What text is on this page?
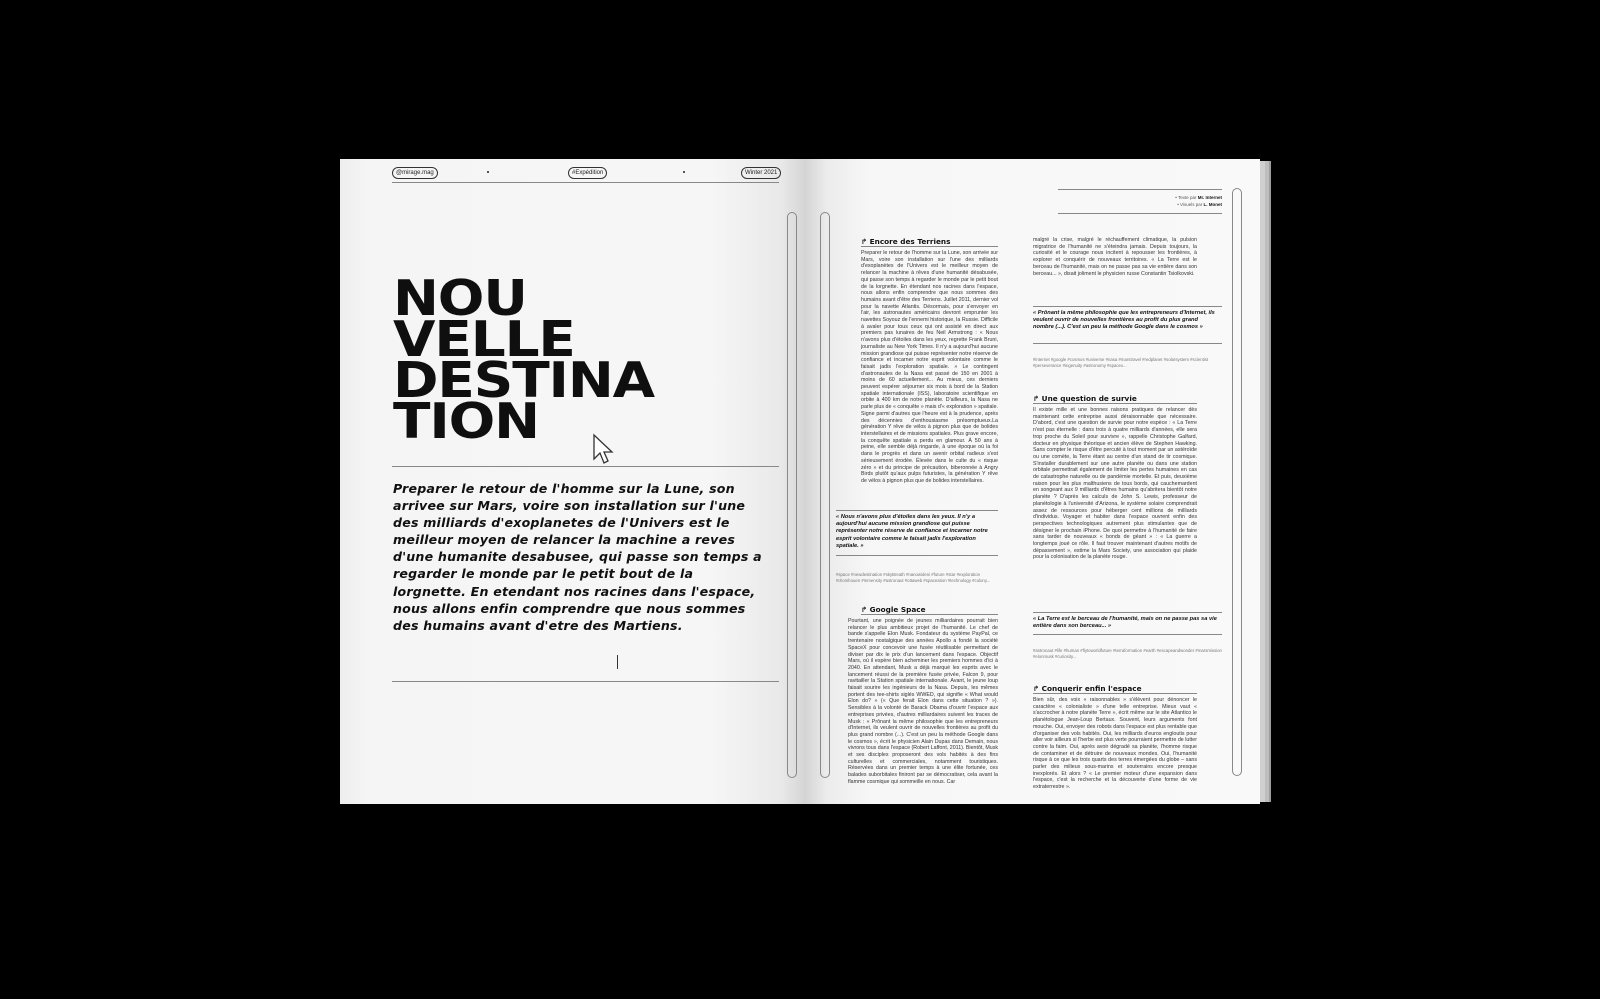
@mirage.mag	#Expédition	Winter 2021
NOU
VELLE
DESTINA
TION
Preparer le retour de l'homme sur la Lune, son arrivee sur Mars, voire son installation sur l'une des milliards d'exoplanetes de l'Univers est le meilleur moyen de relancer la machine a reves d'une humanite desabusee, qui passe son temps a regarder le monde par le petit bout de la lorgnette. En etendant nos racines dans l'espace, nous allons enfin comprendre que nous sommes des humains avant d'etre des Martiens.
• Texte par Mr. Internet
• Visuels par L. Monet
↱ Encore des Terriens
Preparer le retour de l'homme sur la Lune, son arrivée sur Mars, voire son installation sur l'une des milliards d'exoplanètes de l'Univers est le meilleur moyen de relancer la machine à rêves d'une humanité désabusée, qui passe son temps à regarder le monde par le petit bout de la lorgnette. En étendant nos racines dans l'espace, nous allons enfin comprendre que nous sommes des humains avant d'être des Terriens. Juillet 2011, dernier vol pour la navette Atlantis. Désormais, pour s'envoyer en l'air, les astronautes américains devront emprunter les navettes Soyouz de l'ennemi historique, la Russie. Difficile à avaler pour tous ceux qui ont assisté en direct aux premiers pas lunaires de feu Neil Armstrong : « Nous n'avons plus d'étoiles dans les yeux, regrette Frank Bruni, journaliste au New York Times. Il n'y a aujourd'hui aucune mission grandiose qui puisse représenter notre réserve de confiance et incarner notre esprit volontaire comme le faisait jadis l'exploration spatiale. » Le contingent d'astronautes de la Nasa est passé de 150 en 2001 à moins de 60 actuellement... Au mieux, ces derniers peuvent espérer séjourner six mois à bord de la Station spatiale internationale (ISS), laboratoire scientifique en orbite à 400 km de notre planète. D'ailleurs, la Nasa ne parle plus de « conquête » mais d'« exploration » spatiale. Signe parmi d'autres que l'heure est à la prudence, après des décennies d'enthousiasme présomptueux.La génération Y rêve de vélos à pignon plus que de bolides interstellaires et de missions spatiales. Plus grave encore, la conquête spatiale a perdu en glamour. À 50 ans à peine, elle semble déjà ringarde, à une époque où la foi dans le progrès et dans un avenir orbital radieux s'est sérieusement érodée. Élevée dans le culte du « risque zéro » et du principe de précaution, biberonnée à Angry Birds plutôt qu'aux pulps futuristes, la génération Y rêve de vélos à pignon plus que de bolides interstellaires.
« Nous n'avons plus d'étoiles dans les yeux. Il n'y a aujourd'hui aucune mission grandiose qui puisse représenter notre réserve de confiance et incarner notre esprit volontaire comme le faisait jadis l'exploration spatiale. »
#space #newdestination #skyBreath #nanowideni #future #star #exploration #dromhouen #mmensity #astronaut #ottaweb #spaceation #technology #colony...
↱ Google Space
Pourtant, une poignée de jeunes milliardaires pourrait bien relancer le plus ambitieux projet de l'humanité. Le chef de bande s'appelle Elon Musk. Fondateur du système PayPal, ce trentenaire nostalgique des années Apollo a fondé la société SpaceX pour concevoir une fusée réutilisable permettant de diviser par dix le prix d'un lancement dans l'espace. Objectif Mars, où il espère bien acheminer les premiers hommes d'ici à 2040. En attendant, Musk a déjà marqué les esprits avec le lancement réussi de la première fusée privée, Falcon 9, pour ravitailler la Station spatiale internationale. Avant, le jeune loup faisait sourire les ingénieurs de la Nasa. Depuis, les mêmes portent des tee-shirts siglés WWED, qui signifie « What would Elon do? » (« Que ferait Elon dans cette situation ? »). Sensibles à la volonté de Barack Obama d'ouvrir l'espace aux entreprises privées, d'autres milliardaires suivent les traces de Musk : « Prônant la même philosophie que les entrepreneurs d'Internet, ils veulent ouvrir de nouvelles frontières au profit du plus grand nombre (...). C'est un peu la méthode Google dans le cosmos », écrit le physicien Alain Dupas dans Demain, nous vivrons tous dans l'espace (Robert Laffont, 2011). Bientôt, Musk et ses disciples proposeront des vols habités à des fins culturelles et commerciales, notamment touristiques. Réservées dans un premier temps à une élite fortunée, ces balades suborbitales finiront par se démocratiser, cela avant la flamme cosmique qui sommeille en nous. Car
malgré la crise, malgré le réchauffement climatique, la pulsion migratrice de l'humanité ne s'éteindra jamais. Depuis toujours, la curiosité et le courage nous incitent à repousser les frontières, à explorer et conquérir de nouveaux territoires. « La Terre est le berceau de l'humanité, mais on ne passe pas sa vie entière dans son berceau... », disait joliment le physicien russe Constantin Tsiolkovski.
« Prônant la même philosophie que les entrepreneurs d'Internet, ils veulent ouvrir de nouvelles frontières au profit du plus grand nombre (...). C'est un peu la méthode Google dans le cosmos »
#internet #google #cosmos #universe #nasa #marstravel #redplanet #solarsystem #scientist #perseverance #ingenuity #astronomy #spacex...
↱ Une question de survie
Il existe mille et une bonnes raisons pratiques de relancer dès maintenant cette entreprise aussi déraisonnable que nécessaire. D'abord, c'est une question de survie pour notre espèce : « La Terre n'est pas éternelle : dans trois à quatre milliards d'années, elle sera trop proche du Soleil pour survivre », rappelle Christophe Galfard, docteur en physique théorique et ancien élève de Stephen Hawking. Sans compter le risque d'être percuté à tout moment par un astéroïde ou une comète, la Terre étant au centre d'un stand de tir cosmique. S'installer durablement sur une autre planète ou dans une station orbitale permettrait également de limiter les pertes humaines en cas de catastrophe naturelle ou de pandémie mortelle. Et puis, deuxième raison pour les plus malthusiens de tous bords, qui cauchemardent en songeant aux 9 milliards d'êtres humains qu'abritera bientôt notre planète ? D'après les calculs de John S. Lewis, professeur de planétologie à l'université d'Arizona, le système solaire comprendrait assez de ressources pour héberger cent millions de milliards d'individus. Voyager et habiter dans l'espace ouvrent enfin des perspectives technologiques autrement plus stimulantes que de désigner le prochain iPhone. De quoi permettre à l'humanité de faire sans tarder de nouveaux « bonds de géant » : « La guerre a longtemps joué ce rôle. Il faut trouver maintenant d'autres motifs de dépassement », estime la Mars Society, une association qui plaide pour la colonisation de la planète rouge.
« La Terre est le berceau de l'humanité, mais on ne passe pas sa vie entière dans son berceau... »
#astronaut #life #human #flytoworldfuture #terraformation #earth #escapeandwonder #marsmission #elonmusk #curiosity...
↱ Conquerir enfin l'espace
Bien sûr, des voix « raisonnables » s'élèvent pour dénoncer le caractère « colonialiste » d'une telle entreprise. Mieux vaut « s'accrocher à notre planète Terre », écrit même sur le site Atlantico le planétologue Jean-Loup Bertaux. Souvent, leurs arguments font mouche. Oui, envoyer des robots dans l'espace est plus rentable que d'organiser des vols habités. Oui, les milliards d'euros engloutis pour aller voir ailleurs si l'herbe est plus verte pourraient permettre de lutter contre la faim. Oui, après avoir dégradé sa planète, l'homme risque de contaminer et de détruire de nouveaux mondes. Oui, l'humanité risque à ce que les trois quarts des terres émergées du globe – sans parler des milieux sous-marins et souterrains encore presque inexplorés. Et alors ? « Le premier moteur d'une expansion dans l'espace, c'est la recherche et la découverte d'une forme de vie extraterrestre ».
